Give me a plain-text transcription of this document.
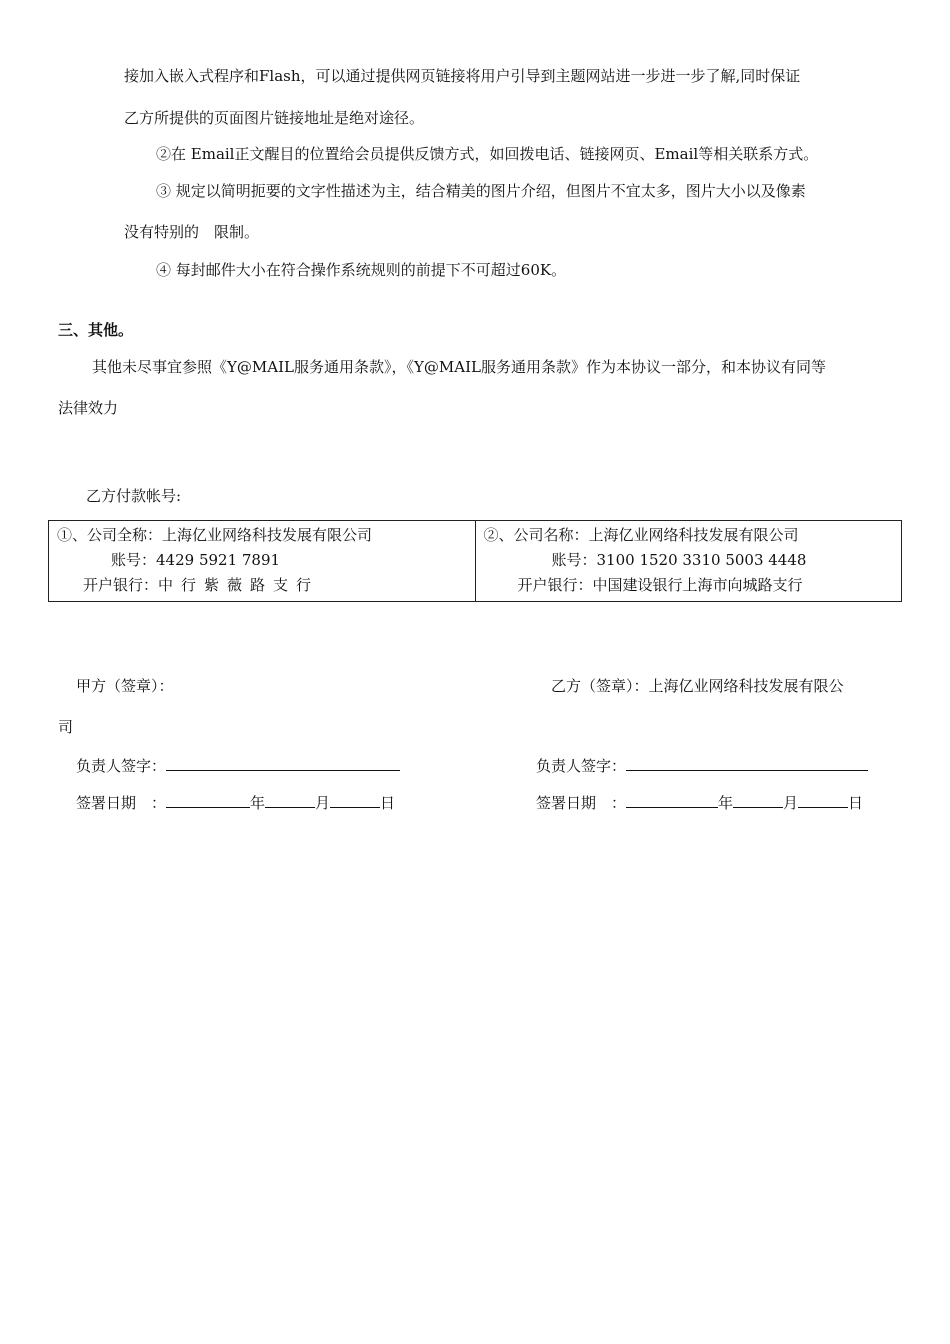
接加入嵌入式程序和Flash，可以通过提供网页链接将用户引导到主题网站进一步进一步了解,同时保证
乙方所提供的页面图片链接地址是绝对途径。
②在 Email正文醒目的位置给会员提供反馈方式，如回拨电话、链接网页、Email等相关联系方式。
③ 规定以简明扼要的文字性描述为主，结合精美的图片介绍，但图片不宜太多，图片大小以及像素
没有特别的　限制。
④ 每封邮件大小在符合操作系统规则的前提下不可超过60K。
三、其他。
其他未尽事宜参照《Y@MAIL服务通用条款》，《Y@MAIL服务通用条款》作为本协议一部分，和本协议有同等
法律效力
乙方付款帐号:
①、公司全称：上海亿业网络科技发展有限公司
账号：4429 5921 7891
开户银行：中行紫薇路支行

②、公司名称：上海亿业网络科技发展有限公司
账号：3100 1520 3310 5003 4448
开户银行：中国建设银行上海市向城路支行
甲方（签章）：	乙方（签章）：上海亿业网络科技发展有限公
司
负责人签字：	负责人签字：
签署日期　：	年	月	日	签署日期　：	年	月	日
